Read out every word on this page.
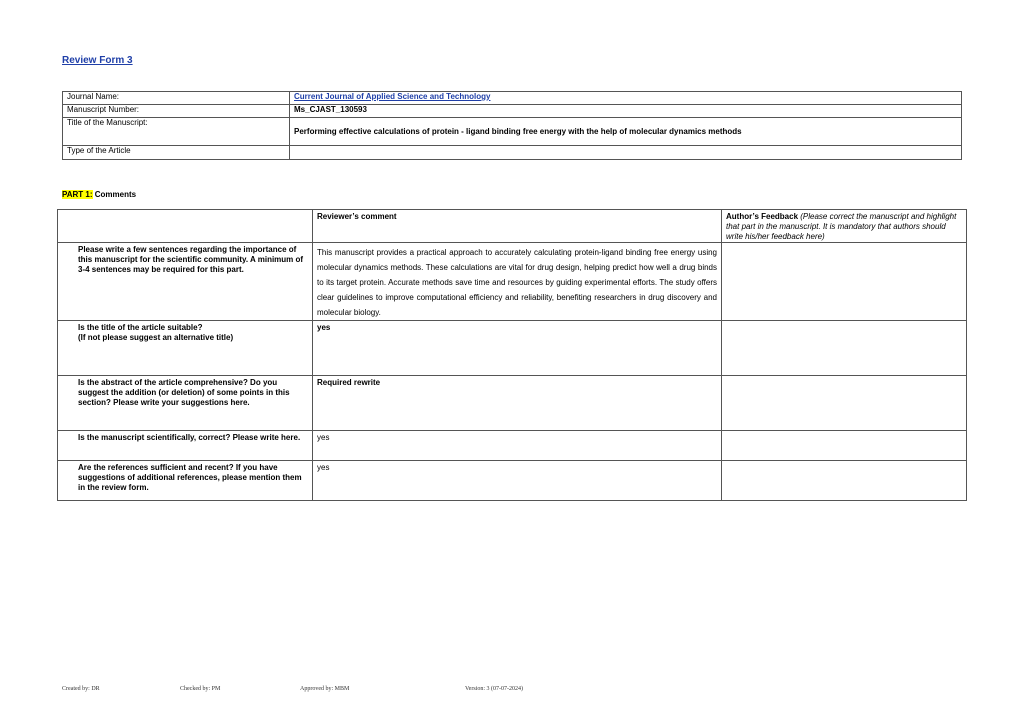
Review Form 3
Journal Name:	Current Journal of Applied Science and Technology
Manuscript Number:	Ms_CJAST_130593
Title of the Manuscript:	Performing effective calculations of protein - ligand binding free energy with the help of molecular dynamics methods
Type of the Article	
PART 1: Comments
	Reviewer’s comment	Author’s Feedback (Please correct the manuscript and highlight that part in the manuscript. It is mandatory that authors should write his/her feedback here)
Please write a few sentences regarding the importance of this manuscript for the scientific community. A minimum of 3-4 sentences may be required for this part.	This manuscript provides a practical approach to accurately calculating protein-ligand binding free energy using molecular dynamics methods. These calculations are vital for drug design, helping predict how well a drug binds to its target protein. Accurate methods save time and resources by guiding experimental efforts. The study offers clear guidelines to improve computational efficiency and reliability, benefiting researchers in drug discovery and molecular biology.	
Is the title of the article suitable?
(If not please suggest an alternative title)	yes	
Is the abstract of the article comprehensive? Do you suggest the addition (or deletion) of some points in this section? Please write your suggestions here.	Required rewrite	
Is the manuscript scientifically, correct? Please write here.	yes	
Are the references sufficient and recent? If you have suggestions of additional references, please mention them in the review form.	yes	
Created by: DR	Checked by: PM	Approved by: MBM	Version: 3 (07-07-2024)
